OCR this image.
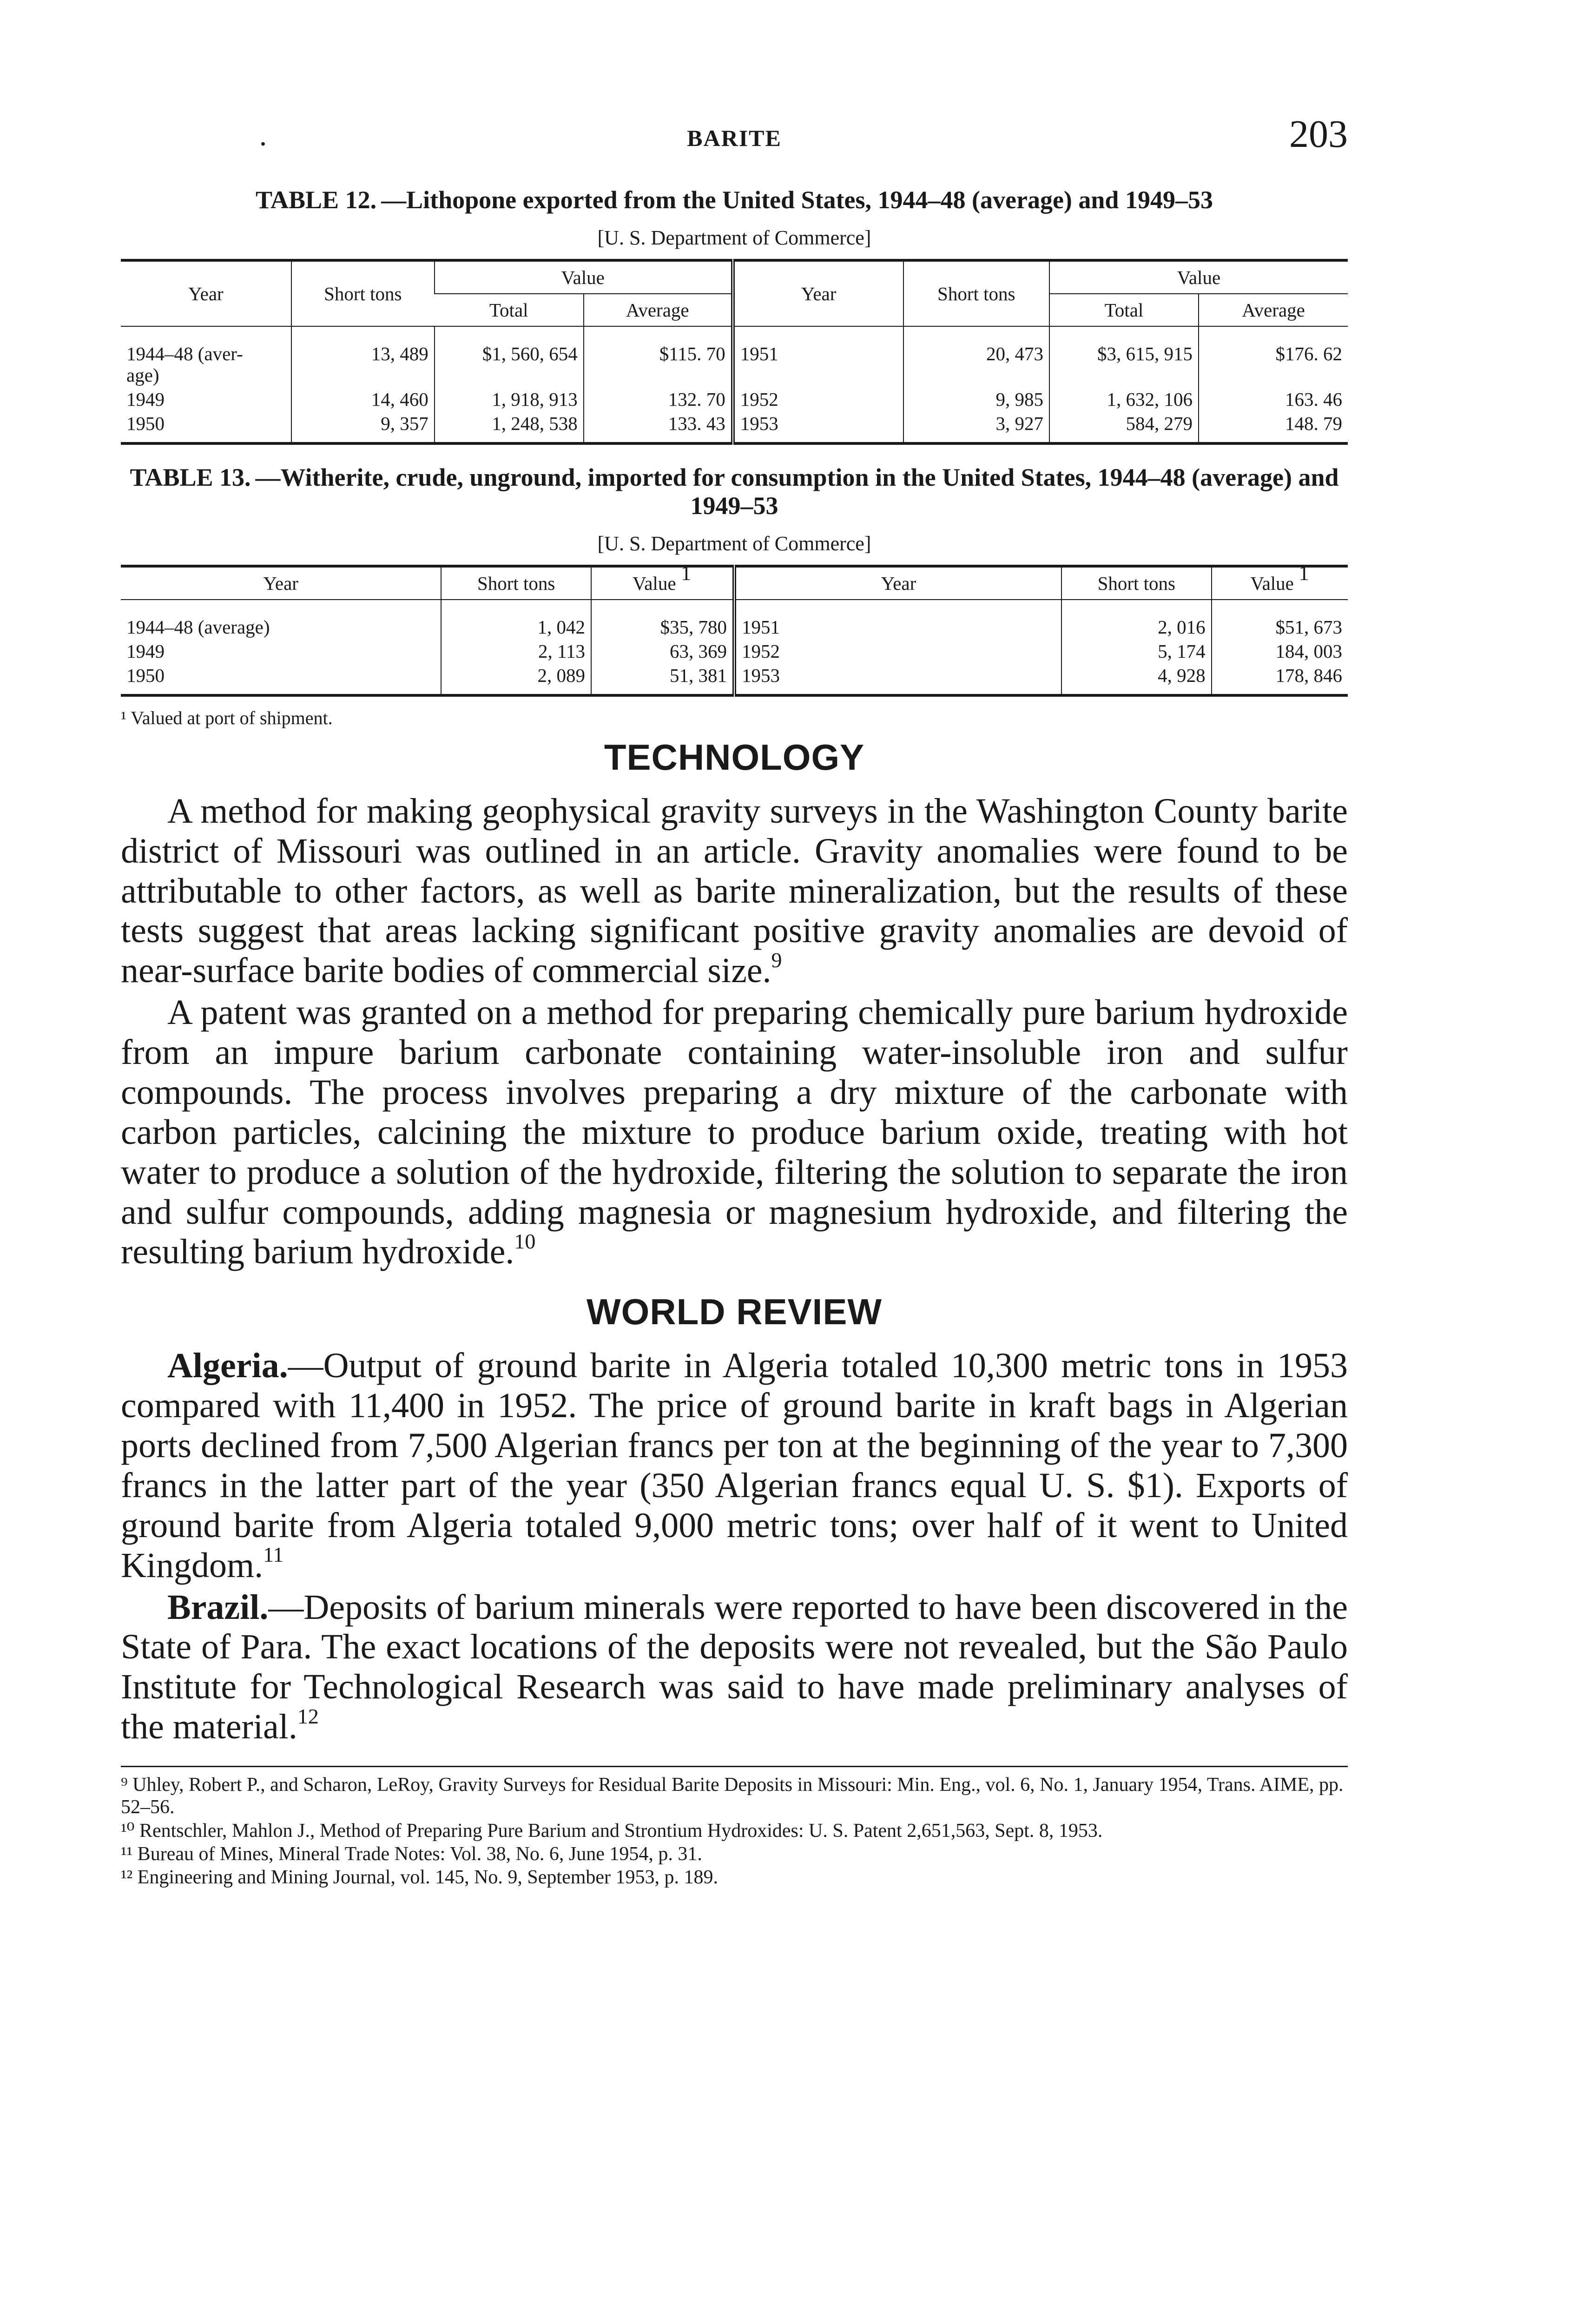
.	BARITE	203
TABLE 12. —Lithopone exported from the United States, 1944–48 (average) and 1949–53
[U. S. Department of Commerce]
Year	Short tons	Value		Year	Short tons	Value	
		Total	Average			Total	Average
1944–48 (aver-
age)	13, 489	$1, 560, 654	$115. 70	1951	20, 473	$3, 615, 915	$176. 62
1949	14, 460	1, 918, 913	132. 70	1952	9, 985	1, 632, 106	163. 46
1950	9, 357	1, 248, 538	133. 43	1953	3, 927	584, 279	148. 79
TABLE 13. —Witherite, crude, unground, imported for consumption in the United States, 1944–48 (average) and 1949–53
[U. S. Department of Commerce]
Year	Short tons	Value $^1$	Year	Short tons	Value $^1$
1944–48 (average)	1, 042	$35, 780	1951	2, 016	$51, 673
1949	2, 113	63, 369	1952	5, 174	184, 003
1950	2, 089	51, 381	1953	4, 928	178, 846
¹ Valued at port of shipment.
TECHNOLOGY

A method for making geophysical gravity surveys in the Washington County barite district of Missouri was outlined in an article. Gravity anomalies were found to be attributable to other factors, as well as barite mineralization, but the results of these tests suggest that areas lacking significant positive gravity anomalies are devoid of near-surface barite bodies of commercial size.$^9$

A patent was granted on a method for preparing chemically pure barium hydroxide from an impure barium carbonate containing water-insoluble iron and sulfur compounds. The process involves preparing a dry mixture of the carbonate with carbon particles, calcining the mixture to produce barium oxide, treating with hot water to produce a solution of the hydroxide, filtering the solution to separate the iron and sulfur compounds, adding magnesia or magnesium hydroxide, and filtering the resulting barium hydroxide.$^{10}$

WORLD REVIEW

Algeria.—Output of ground barite in Algeria totaled 10,300 metric tons in 1953 compared with 11,400 in 1952. The price of ground barite in kraft bags in Algerian ports declined from 7,500 Algerian francs per ton at the beginning of the year to 7,300 francs in the latter part of the year (350 Algerian francs equal U. S. $1). Exports of ground barite from Algeria totaled 9,000 metric tons; over half of it went to United Kingdom.$^{11}$

Brazil.—Deposits of barium minerals were reported to have been discovered in the State of Para. The exact locations of the deposits were not revealed, but the São Paulo Institute for Technological Research was said to have made preliminary analyses of the material.$^{12}$

⁹ Uhley, Robert P., and Scharon, LeRoy, Gravity Surveys for Residual Barite Deposits in Missouri: Min. Eng., vol. 6, No. 1, January 1954, Trans. AIME, pp. 52–56.
¹⁰ Rentschler, Mahlon J., Method of Preparing Pure Barium and Strontium Hydroxides: U. S. Patent 2,651,563, Sept. 8, 1953.
¹¹ Bureau of Mines, Mineral Trade Notes: Vol. 38, No. 6, June 1954, p. 31.
¹² Engineering and Mining Journal, vol. 145, No. 9, September 1953, p. 189.
